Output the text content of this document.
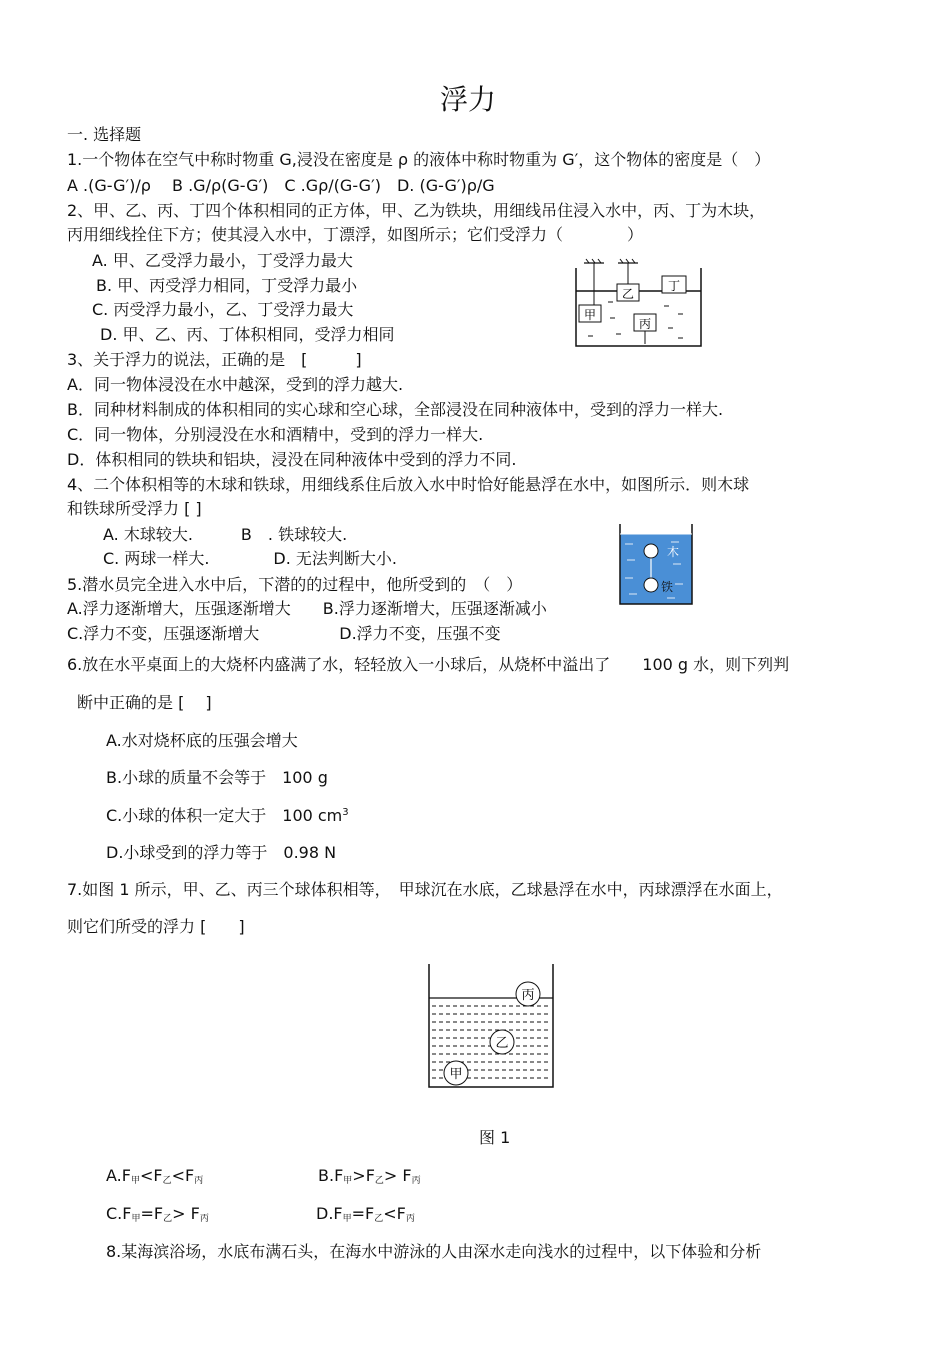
浮力
一. 选择题
1.一个物体在空气中称时物重 G,浸没在密度是 ρ 的液体中称时物重为 G′，这个物体的密度是（　）
A .(G-G′)/ρ　 B .G/ρ(G-G′)　C .Gρ/(G-G′)　D. (G-G′)ρ/G
2、甲、乙、丙、丁四个体积相同的正方体，甲、乙为铁块，用细线吊住浸入水中，丙、丁为木块，
丙用细线拴住下方；使其浸入水中，丁漂浮，如图所示；它们受浮力（　　　　）
A. 甲、乙受浮力最小，丁受浮力最大
B. 甲、丙受浮力相同，丁受浮力最小
C. 丙受浮力最小，乙、丁受浮力最大
D. 甲、乙、丙、丁体积相同，受浮力相同
甲
乙
丙
丁
3、关于浮力的说法，正确的是　[　　　]
A．同一物体浸没在水中越深，受到的浮力越大.
B．同种材料制成的体积相同的实心球和空心球，全部浸没在同种液体中，受到的浮力一样大.
C．同一物体，分别浸没在水和酒精中，受到的浮力一样大.
D．体积相同的铁块和铝块，浸没在同种液体中受到的浮力不同.
4、二个体积相等的木球和铁球，用细线系住后放入水中时恰好能悬浮在水中，如图所示．则木球
和铁球所受浮力 [ ]
A. 木球较大.　　　B　. 铁球较大.
C. 两球一样大.　　　　D. 无法判断大小.	木
铁
5.潜水员完全进入水中后，下潜的的过程中，他所受到的　（　）
A.浮力逐渐增大，压强逐渐增大　　B.浮力逐渐增大，压强逐渐减小
C.浮力不变，压强逐渐增大　　　　　D.浮力不变，压强不变
6.放在水平桌面上的大烧杯内盛满了水，轻轻放入一小球后，从烧杯中溢出了　　100 g 水，则下列判
断中正确的是 [　 ]
A.水对烧杯底的压强会增大
B.小球的质量不会等于　100 g
C.小球的体积一定大于　100 $cm^3$
D.小球受到的浮力等于　0.98 N
7.如图 1 所示，甲、乙、丙三个球体积相等，　甲球沉在水底，乙球悬浮在水中，丙球漂浮在水面上，
则它们所受的浮力 [　　]
丙
乙
甲
图 1
$A.F_甲<F_乙<F_丙$	$B.F_甲>F_乙> F_丙$
$C.F_甲=F_乙> F_丙$	$D.F_甲=F_乙<F_丙$
8.某海滨浴场，水底布满石头，在海水中游泳的人由深水走向浅水的过程中，以下体验和分析
